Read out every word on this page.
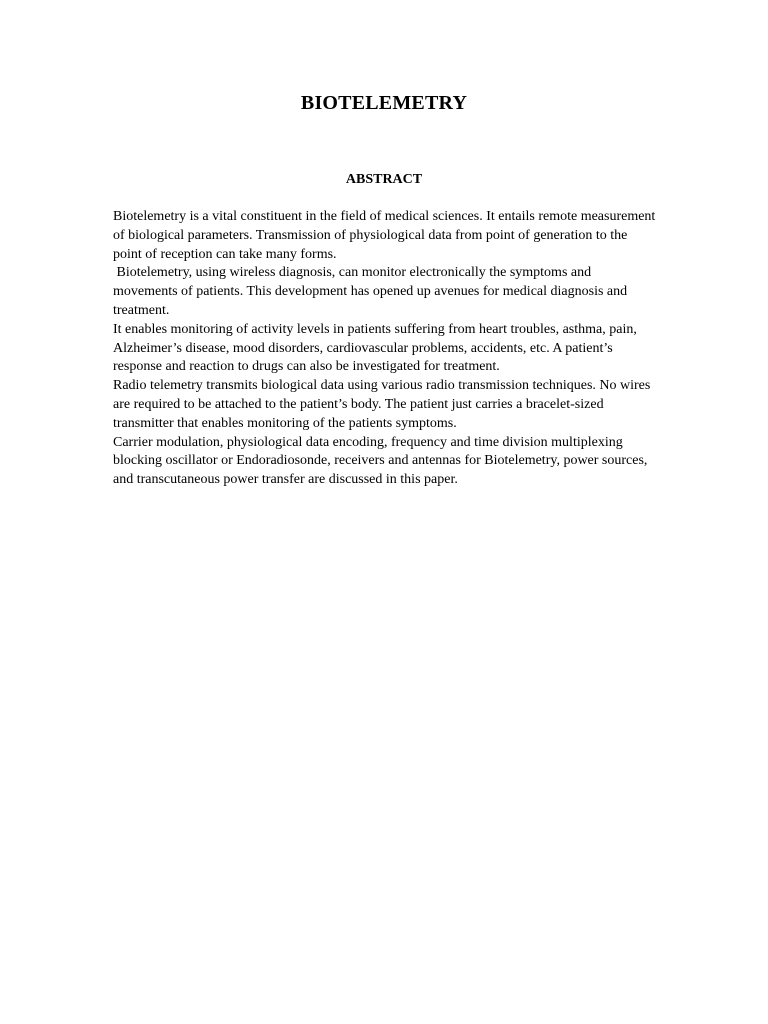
BIOTELEMETRY
ABSTRACT

Biotelemetry is a vital constituent in the field of medical sciences. It entails remote measurement of biological parameters. Transmission of physiological data from point of generation to the point of reception can take many forms.

Biotelemetry, using wireless diagnosis, can monitor electronically the symptoms and movements of patients. This development has opened up avenues for medical diagnosis and treatment.

It enables monitoring of activity levels in patients suffering from heart troubles, asthma, pain, Alzheimer’s disease, mood disorders, cardiovascular problems, accidents, etc. A patient’s response and reaction to drugs can also be investigated for treatment.

Radio telemetry transmits biological data using various radio transmission techniques. No wires are required to be attached to the patient’s body. The patient just carries a bracelet-sized transmitter that enables monitoring of the patients symptoms.

Carrier modulation, physiological data encoding, frequency and time division multiplexing blocking oscillator or Endoradiosonde, receivers and antennas for Biotelemetry, power sources, and transcutaneous power transfer are discussed in this paper.
